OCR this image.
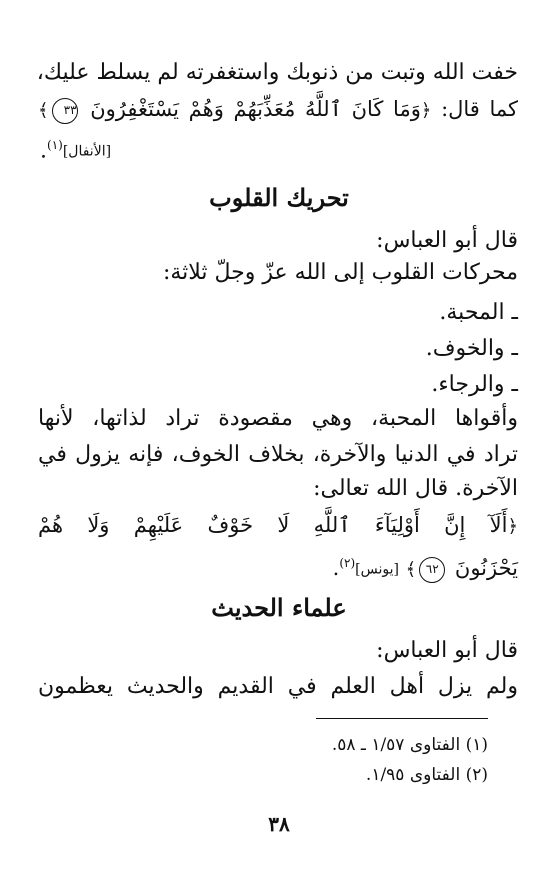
خفت الله وتبت من ذنوبك واستغفرته لم يسلط عليك،
كما قال: ﴿وَمَا كَانَ ٱللَّهُ مُعَذِّبَهُمْ وَهُمْ يَسْتَغْفِرُونَ ٣٣﴾
[الأنفال]$^{(١)}$.
تحريك القلوب
قال أبو العباس:
محركات القلوب إلى الله عزّ وجلّ ثلاثة:
ـ المحبة.
ـ والخوف.
ـ والرجاء.
وأقواها المحبة، وهي مقصودة تراد لذاتها، لأنها
تراد في الدنيا والآخرة، بخلاف الخوف، فإنه يزول في
الآخرة. قال الله تعالى:
﴿أَلَآ إِنَّ أَوْلِيَآءَ ٱللَّهِ لَا خَوْفٌ عَلَيْهِمْ وَلَا هُمْ
يَحْزَنُونَ ٦٢﴾ [يونس]$^{(٢)}$.
علماء الحديث
قال أبو العباس:
ولم يزل أهل العلم في القديم والحديث يعظمون
(١) الفتاوى ١/٥٧ ـ ٥٨.
(٢) الفتاوى ١/٩٥.
٣٨
